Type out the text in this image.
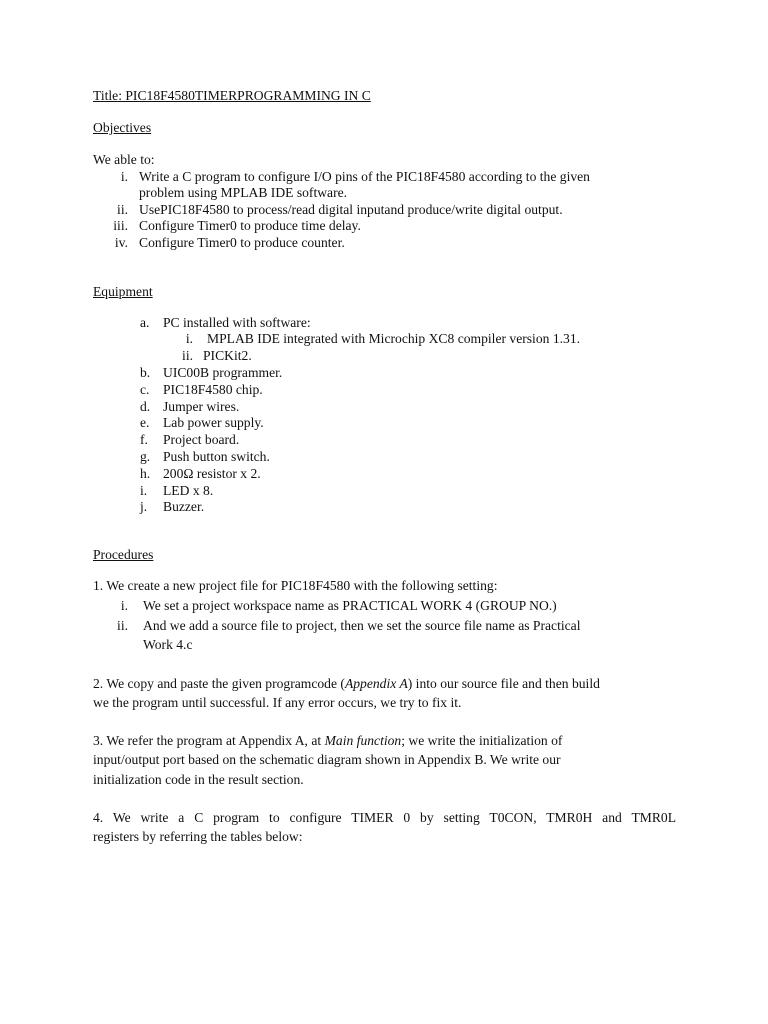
Title: PIC18F4580TIMERPROGRAMMING IN C
Objectives
We able to:
i. Write a C program to configure I/O pins of the PIC18F4580 according to the given
problem using MPLAB IDE software.
ii. UsePIC18F4580 to process/read digital inputand produce/write digital output.
iii. Configure Timer0 to produce time delay.
iv. Configure Timer0 to produce counter.
Equipment
a. PC installed with software:
i. MPLAB IDE integrated with Microchip XC8 compiler version 1.31.
ii. PICKit2.
b. UIC00B programmer.
c. PIC18F4580 chip.
d. Jumper wires.
e. Lab power supply.
f. Project board.
g. Push button switch.
h. 200Ω resistor x 2.
i. LED x 8.
j. Buzzer.
Procedures
1. We create a new project file for PIC18F4580 with the following setting:
i. We set a project workspace name as PRACTICAL WORK 4 (GROUP NO.)
ii. And we add a source file to project, then we set the source file name as Practical
Work 4.c
2. We copy and paste the given programcode (Appendix A) into our source file and then build
we the program until successful. If any error occurs, we try to fix it.
3. We refer the program at Appendix A, at Main function; we write the initialization of
input/output port based on the schematic diagram shown in Appendix B. We write our
initialization code in the result section.
4. We write a C program to configure TIMER 0 by setting T0CON, TMR0H and TMR0L
registers by referring the tables below:
